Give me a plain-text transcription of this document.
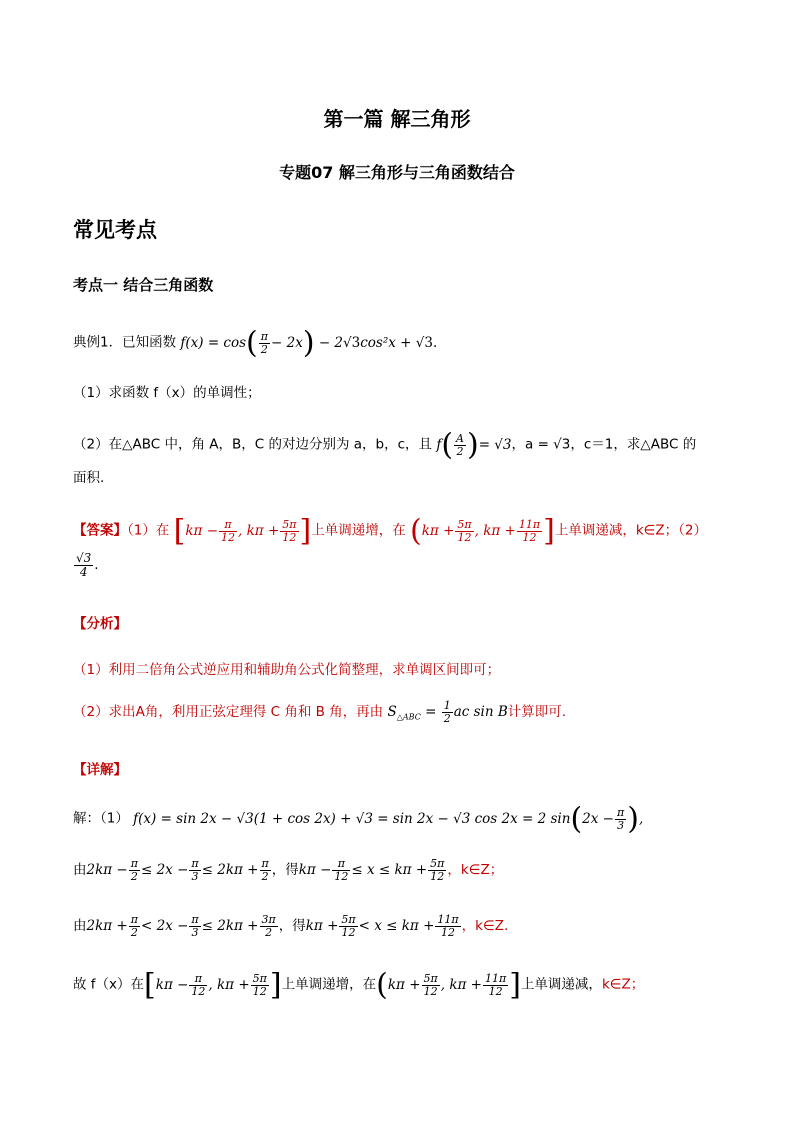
第一篇 解三角形
专题07 解三角形与三角函数结合
常见考点
考点一 结合三角函数
典例1．已知函数 $f(x) = \cos( \frac{\pi}{2} - 2x) - 2√3\cos^2x + √3$.
（1）求函数 f（x）的单调性；
（2）在△ABC 中，角 A，B，C 的对边分别为 a，b，c，且 $f( \frac{A}{2}$ )= √3，a = √3，c＝1，求△ABC 的
面积.
【答案】（1）在 [$k\pi - \frac{\pi}{12}$ , $k\pi + \frac{5\pi}{12}$ ]上单调递增，在 ($k\pi + \frac{5\pi}{12}$ , $k\pi + \frac{11\pi}{12}$ ]上单调递减，k∈Z；（2）
$\frac{√3}{4}$ .
【分析】
（1）利用二倍角公式逆应用和辅助角公式化简整理，求单调区间即可；
（2）求出A角，利用正弦定理得 C 角和 B 角，再由 $S_{\triangle ABC} = \frac{1}{2}$ ac sin B计算即可.
【详解】
解：（1） f(x) = sin 2x − √3(1 + cos 2x) + √3 = sin 2x − √3 cos 2x = 2 $\sin(2x - \frac{\pi}{3}$ ),
由$2k\pi - \frac{\pi}{2} \le 2x - \frac{\pi}{3} \le 2k\pi + \frac{\pi}{2}$ ，得$k\pi - \frac{\pi}{12} \le x \le k\pi + \frac{5\pi}{12}$ ，k∈Z；
由$2k\pi + \frac{\pi}{2} < 2x - \frac{\pi}{3} \le 2k\pi + \frac{3\pi}{2}$ ，得$k\pi + \frac{5\pi}{12} < x \le k\pi + \frac{11\pi}{12}$ ，k∈Z.
故 f（x）在[$k\pi - \frac{\pi}{12}$ , $k\pi + \frac{5\pi}{12}$ ]上单调递增，在($k\pi + \frac{5\pi}{12}$ , $k\pi + \frac{11\pi}{12}$ ]上单调递减，k∈Z；
